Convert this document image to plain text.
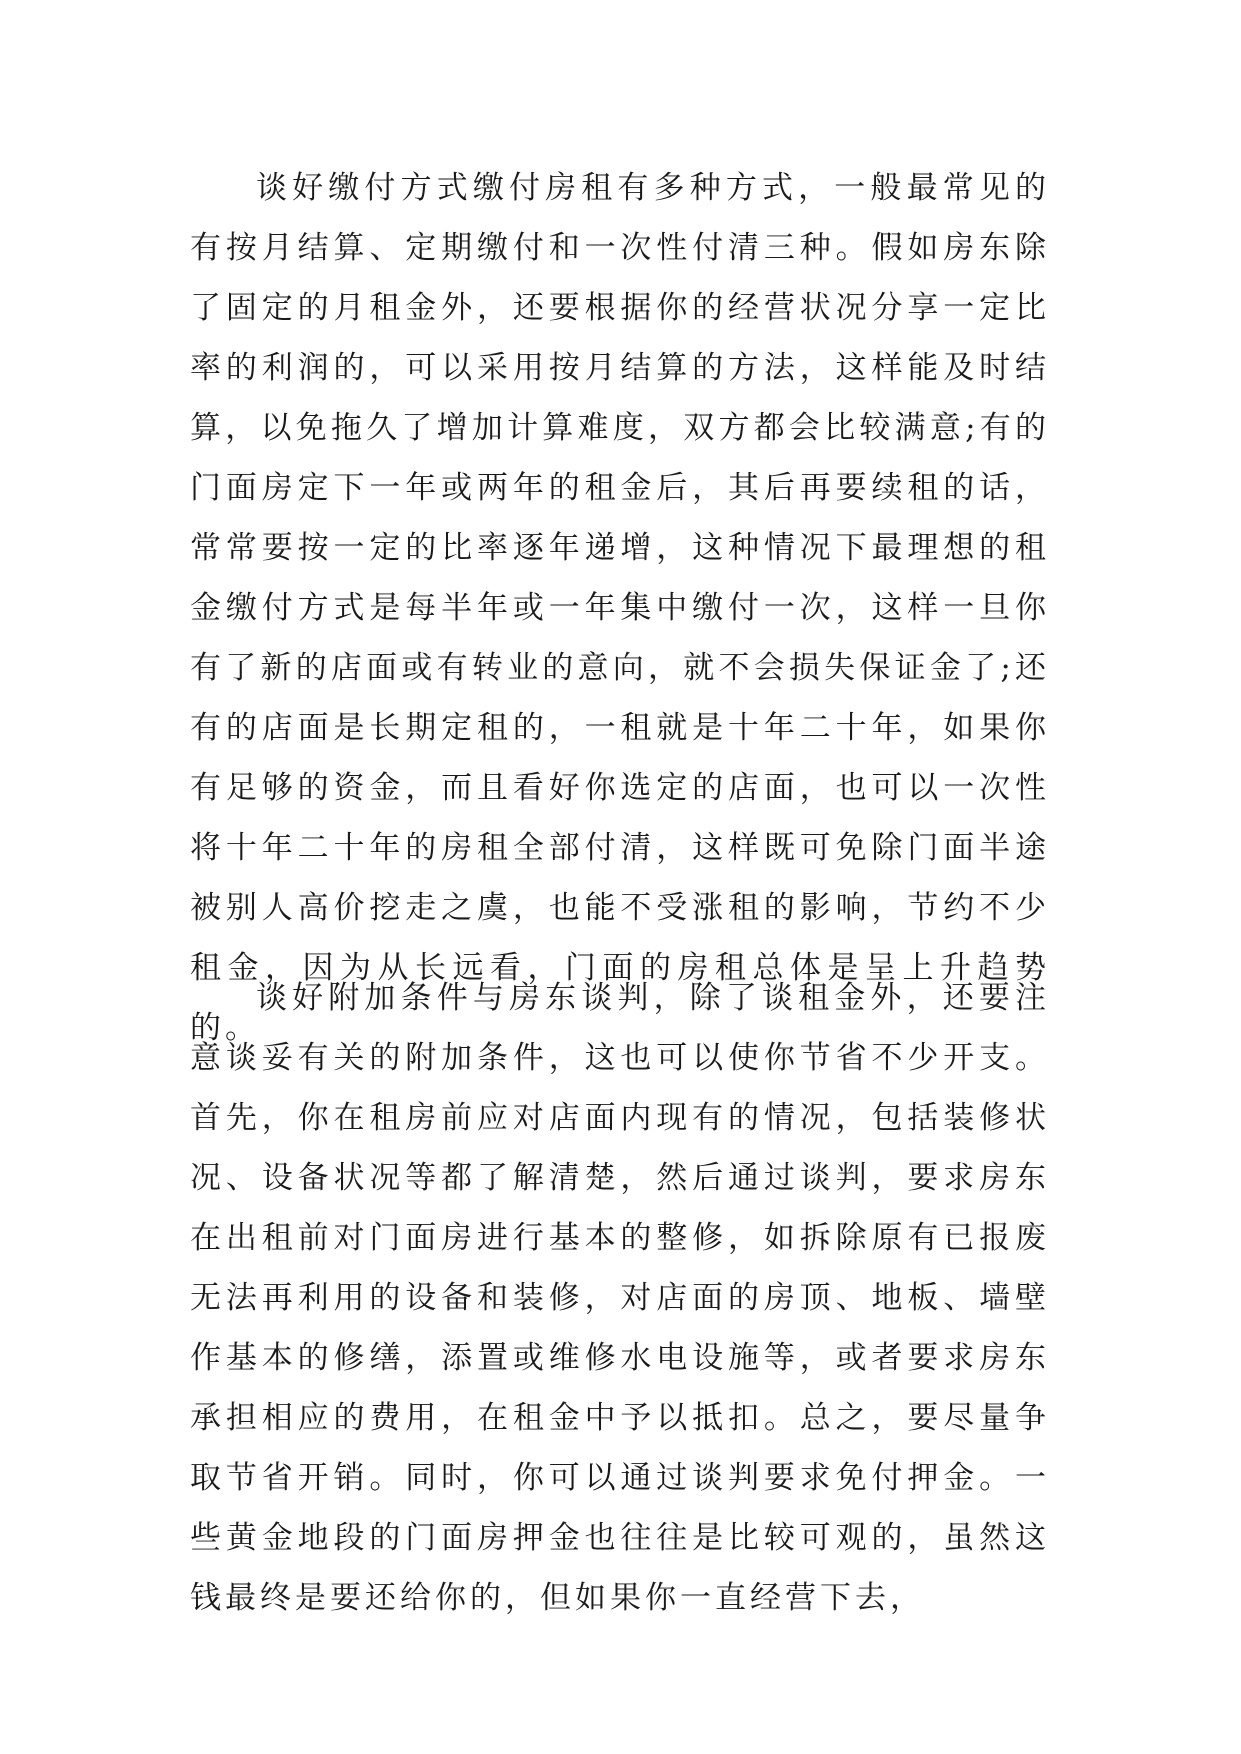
谈好缴付方式缴付房租有多种方式，一般最常见的有按月结算、定期缴付和一次性付清三种。假如房东除了固定的月租金外，还要根据你的经营状况分享一定比率的利润的，可以采用按月结算的方法，这样能及时结算，以免拖久了增加计算难度，双方都会比较满意;有的门面房定下一年或两年的租金后，其后再要续租的话，常常要按一定的比率逐年递增，这种情况下最理想的租金缴付方式是每半年或一年集中缴付一次，这样一旦你有了新的店面或有转业的意向，就不会损失保证金了;还有的店面是长期定租的，一租就是十年二十年，如果你有足够的资金，而且看好你选定的店面，也可以一次性将十年二十年的房租全部付清，这样既可免除门面半途被别人高价挖走之虞，也能不受涨租的影响，节约不少租金，因为从长远看，门面的房租总体是呈上升趋势的。

谈好附加条件与房东谈判，除了谈租金外，还要注意谈妥有关的附加条件，这也可以使你节省不少开支。首先，你在租房前应对店面内现有的情况，包括装修状况、设备状况等都了解清楚，然后通过谈判，要求房东在出租前对门面房进行基本的整修，如拆除原有已报废无法再利用的设备和装修，对店面的房顶、地板、墙壁作基本的修缮，添置或维修水电设施等，或者要求房东承担相应的费用，在租金中予以抵扣。总之，要尽量争取节省开销。同时，你可以通过谈判要求免付押金。一些黄金地段的门面房押金也往往是比较可观的，虽然这钱最终是要还给你的，但如果你一直经营下去，
